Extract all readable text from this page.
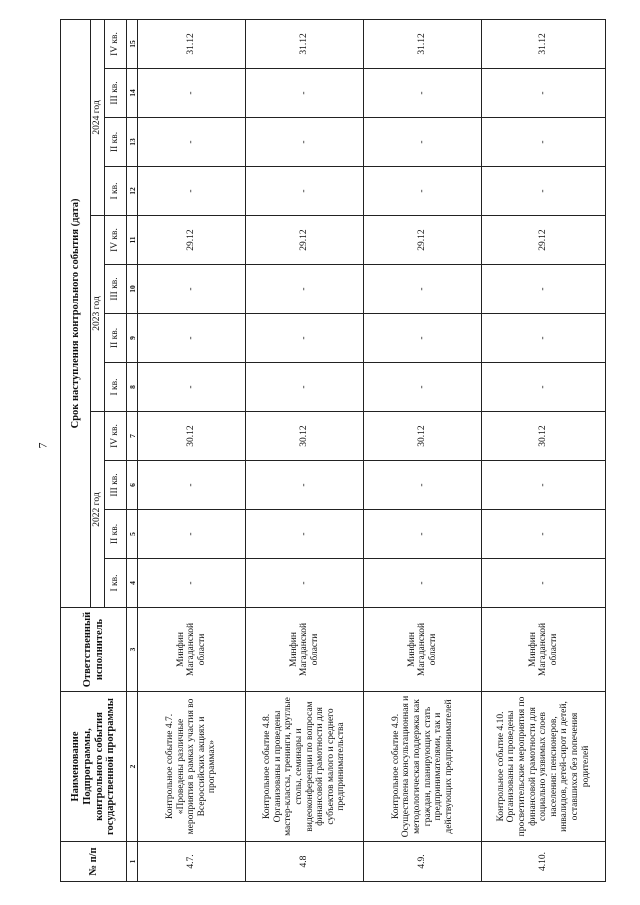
7
№ п/п	Наименование Подпрограммы, контрольного события государственной программы	Ответственный исполнитель	Срок наступления контрольного события (дата)											
			2022 год				2023 год				2024 год			
			I кв.	II кв.	III кв.	IV кв.	I кв.	II кв.	III кв.	IV кв.	I кв.	II кв.	III кв.	IV кв.
1	2	3	4	5	6	7	8	9	10	11	12	13	14	15
4.7.	Контрольное событие 4.7. «Проведены различные мероприятия в рамках участия во Всероссийских акциях и программах»	Минфин Магаданской области	-	-	-	30.12	-	-	-	29.12	-	-	-	31.12
4.8	Контрольное событие 4.8. Организованы и проведены мастер-классы, тренинги, круглые столы, семинары и видеоконференции по вопросам финансовой грамотности для субъектов малого и среднего предпринимательства	Минфин Магаданской области	-	-	-	30.12	-	-	-	29.12	-	-	-	31.12
4.9.	Контрольное событие 4.9. Осуществлена консультационная и методологическая поддержка как граждан, планирующих стать предпринимателями, так и действующих предпринимателей	Минфин Магаданской области	-	-	-	30.12	-	-	-	29.12	-	-	-	31.12
4.10.	Контрольное событие 4.10. Организованы и проведены просветительские мероприятия по финансовой грамотности для социально уязвимых слоев населения: пенсионеров, инвалидов, детей-сирот и детей, оставшихся без попечения родителей	Минфин Магаданской области	-	-	-	30.12	-	-	-	29.12	-	-	-	31.12
